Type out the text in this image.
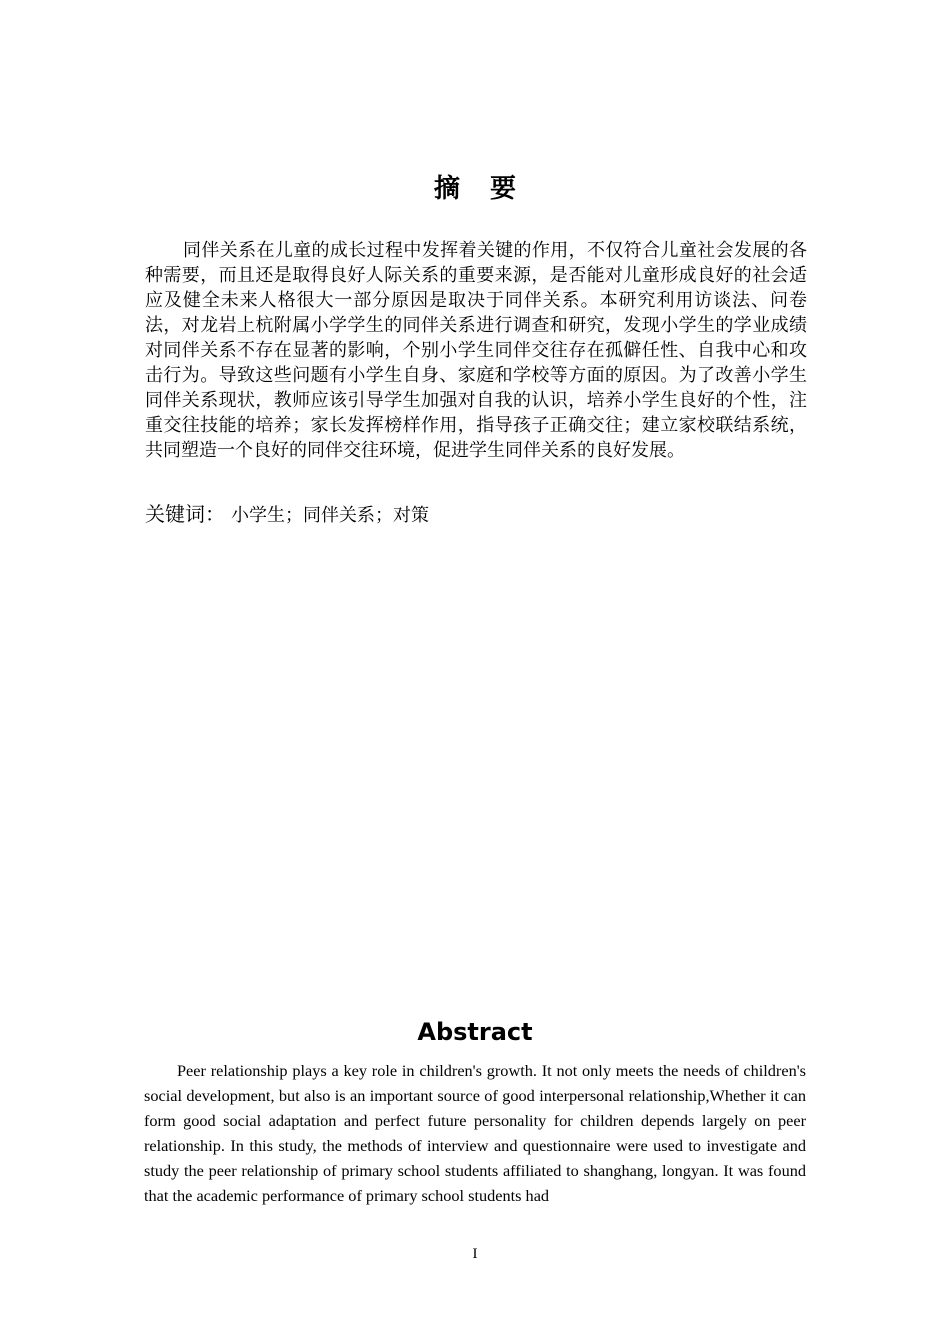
摘要

同伴关系在儿童的成长过程中发挥着关键的作用，不仅符合儿童社会发展的各种需要，而且还是取得良好人际关系的重要来源，是否能对儿童形成良好的社会适应及健全未来人格很大一部分原因是取决于同伴关系。本研究利用访谈法、问卷法，对龙岩上杭附属小学学生的同伴关系进行调查和研究，发现小学生的学业成绩对同伴关系不存在显著的影响，个别小学生同伴交往存在孤僻任性、自我中心和攻击行为。导致这些问题有小学生自身、家庭和学校等方面的原因。为了改善小学生同伴关系现状，教师应该引导学生加强对自我的认识，培养小学生良好的个性，注重交往技能的培养；家长发挥榜样作用，指导孩子正确交往；建立家校联结系统，共同塑造一个良好的同伴交往环境，促进学生同伴关系的良好发展。

关键词： 小学生；同伴关系；对策

Abstract

Peer relationship plays a key role in children's growth. It not only meets the needs of children's social development, but also is an important source of good interpersonal relationship,Whether it can form good social adaptation and perfect future personality for children depends largely on peer relationship. In this study, the methods of interview and questionnaire were used to investigate and study the peer relationship of primary school students affiliated to shanghang, longyan. It was found that the academic performance of primary school students had

I
